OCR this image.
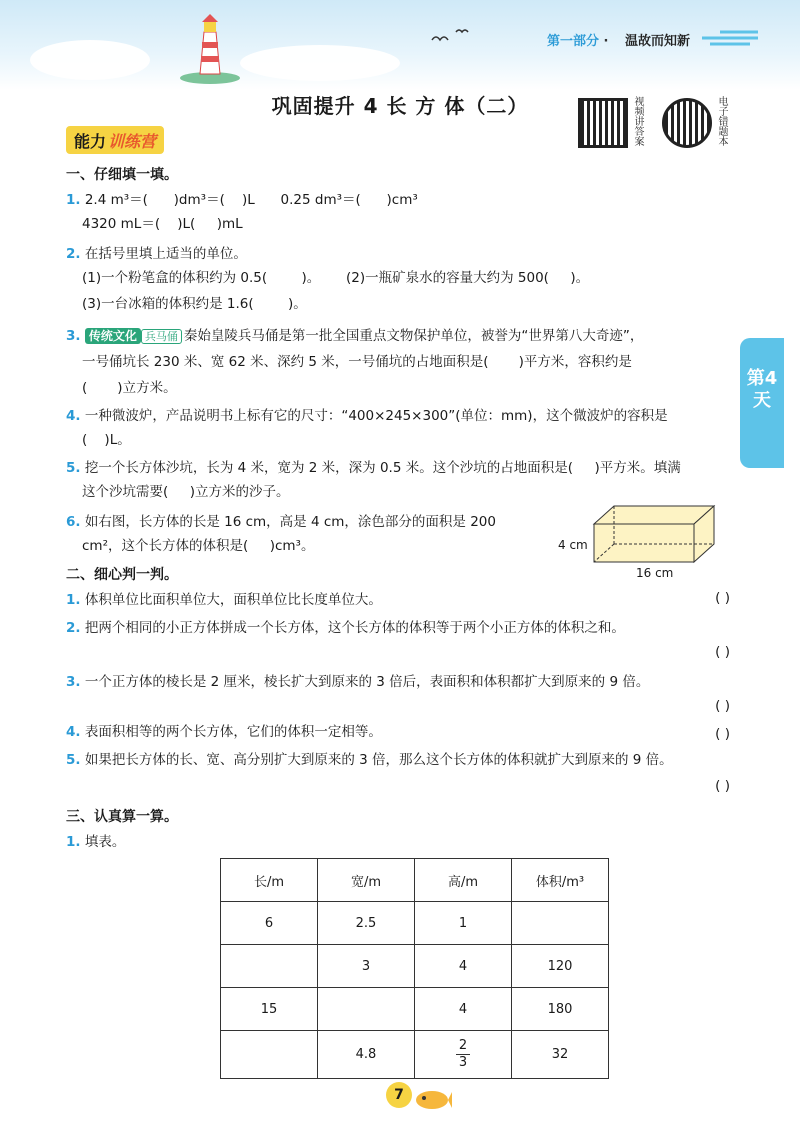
第一部分 · 温故而知新
巩固提升 4 长 方 体（二）	视频讲答案	电子错题本
能力 训练营
第4天
一、仔细填一填。
1. 2.4 m³＝(      )dm³＝(    )L      0.25 dm³＝(      )cm³
4320 mL＝(    )L(     )mL
2. 在括号里填上适当的单位。
(1)一个粉笔盒的体积约为 0.5(        )。      (2)一瓶矿泉水的容量大约为 500(     )。
(3)一台冰箱的体积约是 1.6(        )。
3. 传统文化 兵马俑 秦始皇陵兵马俑是第一批全国重点文物保护单位，被誉为“世界第八大奇迹”，
一号俑坑长 230 米、宽 62 米、深约 5 米，一号俑坑的占地面积是(       )平方米，容积约是
(       )立方米。
4. 一种微波炉，产品说明书上标有它的尺寸：“400×245×300”(单位：mm)，这个微波炉的容积是
(    )L。
5. 挖一个长方体沙坑，长为 4 米，宽为 2 米，深为 0.5 米。这个沙坑的占地面积是(     )平方米。填满
这个沙坑需要(     )立方米的沙子。
6. 如右图，长方体的长是 16 cm，高是 4 cm，涂色部分的面积是 200
cm²，这个长方体的体积是(     )cm³。	4 cm
16 cm
二、细心判一判。
1. 体积单位比面积单位大，面积单位比长度单位大。	( )
2. 把两个相同的小正方体拼成一个长方体，这个长方体的体积等于两个小正方体的体积之和。
( )
3. 一个正方体的棱长是 2 厘米，棱长扩大到原来的 3 倍后，表面积和体积都扩大到原来的 9 倍。
( )
4. 表面积相等的两个长方体，它们的体积一定相等。	( )
5. 如果把长方体的长、宽、高分别扩大到原来的 3 倍，那么这个长方体的体积就扩大到原来的 9 倍。
( )
三、认真算一算。
1. 填表。
长/m	宽/m	高/m	体积/m³
6	2.5	1	
	3	4	120
15		4	180
	4.8	$\frac{2}{3}$	32
7
